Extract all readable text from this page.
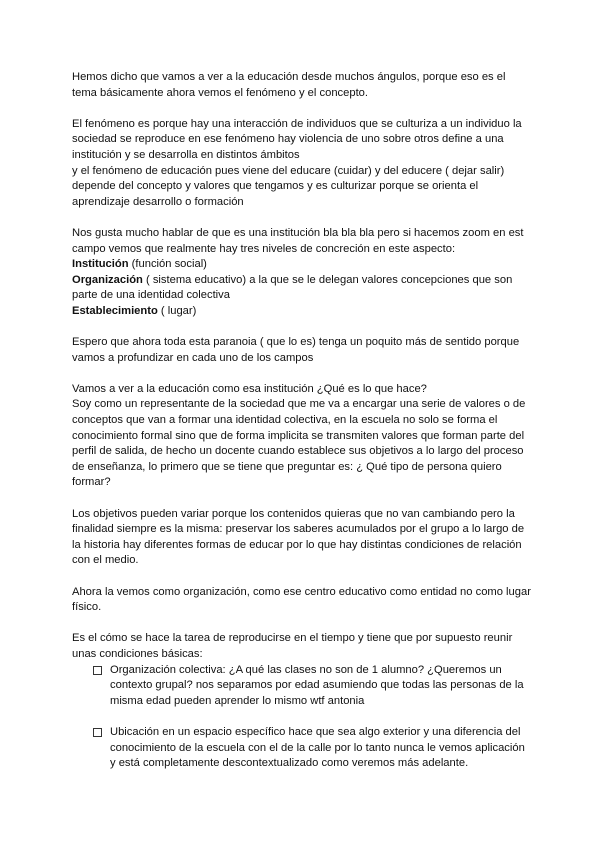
Hemos dicho que vamos a ver a la educación desde muchos ángulos, porque eso es el
tema básicamente ahora vemos el fenómeno y el concepto.

El fenómeno es porque hay una interacción de individuos que se culturiza a un individuo la
sociedad se reproduce en ese fenómeno hay violencia de uno sobre otros define a una
institución y se desarrolla en distintos ámbitos
y el fenómeno de educación pues viene del educare (cuidar) y del educere ( dejar salir)
depende del concepto y valores que tengamos y es culturizar porque se orienta el
aprendizaje desarrollo o formación

Nos gusta mucho hablar de que es una institución bla bla bla pero si hacemos zoom en est
campo vemos que realmente hay tres niveles de concreción en este aspecto:
Institución (función social)
Organización ( sistema educativo) a la que se le delegan valores concepciones que son
parte de una identidad colectiva
Establecimiento ( lugar)

Espero que ahora toda esta paranoia ( que lo es) tenga un poquito más de sentido porque
vamos a profundizar en cada uno de los campos

Vamos a ver a la educación como esa institución ¿Qué es lo que hace?
Soy como un representante de la sociedad que me va a encargar una serie de valores o de
conceptos que van a formar una identidad colectiva, en la escuela no solo se forma el
conocimiento formal sino que de forma implicita se transmiten valores que forman parte del
perfil de salida, de hecho un docente cuando establece sus objetivos a lo largo del proceso
de enseñanza, lo primero que se tiene que preguntar es: ¿ Qué tipo de persona quiero
formar?

Los objetivos pueden variar porque los contenidos quieras que no van cambiando pero la
finalidad siempre es la misma: preservar los saberes acumulados por el grupo a lo largo de
la historia hay diferentes formas de educar por lo que hay distintas condiciones de relación
con el medio.

Ahora la vemos como organización, como ese centro educativo como entidad no como lugar
físico.

Es el cómo se hace la tarea de reproducirse en el tiempo y tiene que por supuesto reunir
unas condiciones básicas:

Organización colectiva: ¿A qué las clases no son de 1 alumno? ¿Queremos un
contexto grupal? nos separamos por edad asumiendo que todas las personas de la
misma edad pueden aprender lo mismo wtf antonia
Ubicación en un espacio específico hace que sea algo exterior y una diferencia del
conocimiento de la escuela con el de la calle por lo tanto nunca le vemos aplicación
y está completamente descontextualizado como veremos más adelante.
